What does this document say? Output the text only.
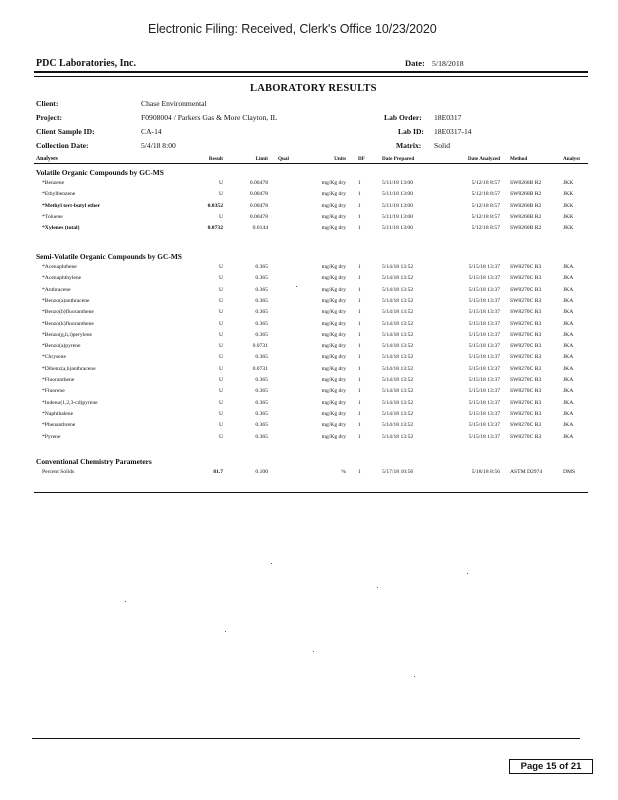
Electronic Filing: Received, Clerk's Office 10/23/2020
PDC Laboratories, Inc.	Date: 5/18/2018
LABORATORY RESULTS
Client:	Chase Environmental
Project:	F0908004 / Parkers Gas & More Clayton, IL	Lab Order: 18E0317
Client Sample ID:	CA-14	Lab ID: 18E0317-14
Collection Date:	5/4/18 8:00	Matrix: Solid
Analyses	Result	Limit Qual	Units DF	Date Prepared	Date Analyzed Method	Analyst
Volatile Organic Compounds by GC-MS
*Benzene	U	0.00478	mg/Kg dry 1	5/11/18 13:00	5/12/18 8:57 SW8260B R2	JKK
*Ethylbenzene	U	0.00478	mg/Kg dry 1	5/11/18 13:00	5/12/18 8:57 SW8260B R2	JKK
*Methyl tert-butyl ether	0.0352	0.00478	mg/Kg dry 1	5/11/18 13:00	5/12/18 8:57 SW8260B R2	JKK
*Toluene	U	0.00478	mg/Kg dry 1	5/11/18 13:00	5/12/18 8:57 SW8260B R2	JKK
*Xylenes (total)	0.0732	0.0144	mg/Kg dry 1	5/11/18 13:00	5/12/18 8:57 SW8260B R2	JKK
Semi-Volatile Organic Compounds by GC-MS
*Acenaphthene	U	0.365	mg/Kg dry 1	5/14/18 13:52	5/15/18 13:37 SW8270C R3	JKA
*Acenaphthylene	U	0.365	mg/Kg dry 1	5/14/18 13:52	5/15/18 13:37 SW8270C R3	JKA
*Anthracene	U	0.365	mg/Kg dry 1	5/14/18 13:52	5/15/18 13:37 SW8270C R3	JKA
*Benzo(a)anthracene	U	0.365	mg/Kg dry 1	5/14/18 13:52	5/15/18 13:37 SW8270C R3	JKA
*Benzo(b)fluoranthene	U	0.365	mg/Kg dry 1	5/14/18 13:52	5/15/18 13:37 SW8270C R3	JKA
*Benzo(k)fluoranthene	U	0.365	mg/Kg dry 1	5/14/18 13:52	5/15/18 13:37 SW8270C R3	JKA
*Benzo(g,h,i)perylene	U	0.365	mg/Kg dry 1	5/14/18 13:52	5/15/18 13:37 SW8270C R3	JKA
*Benzo(a)pyrene	U	0.0731	mg/Kg dry 1	5/14/18 13:52	5/15/18 13:37 SW8270C R3	JKA
*Chrysene	U	0.365	mg/Kg dry 1	5/14/18 13:52	5/15/18 13:37 SW8270C R3	JKA
*Dibenz(a,h)anthracene	U	0.0731	mg/Kg dry 1	5/14/18 13:52	5/15/18 13:37 SW8270C R3	JKA
*Fluoranthene	U	0.365	mg/Kg dry 1	5/14/18 13:52	5/15/18 13:37 SW8270C R3	JKA
*Fluorene	U	0.365	mg/Kg dry 1	5/14/18 13:52	5/15/18 13:37 SW8270C R3	JKA
*Indeno(1,2,3-cd)pyrene	U	0.365	mg/Kg dry 1	5/14/18 13:52	5/15/18 13:37 SW8270C R3	JKA
*Naphthalene	U	0.365	mg/Kg dry 1	5/14/18 13:52	5/15/18 13:37 SW8270C R3	JKA
*Phenanthrene	U	0.365	mg/Kg dry 1	5/14/18 13:52	5/15/18 13:37 SW8270C R3	JKA
*Pyrene	U	0.365	mg/Kg dry 1	5/14/18 13:52	5/15/18 13:37 SW8270C R3	JKA
Conventional Chemistry Parameters
Percent Solids	81.7	0.100	% 1	5/17/18 10:56	5/18/18 8:56 ASTM D2974	DMS
Page 15 of 21
